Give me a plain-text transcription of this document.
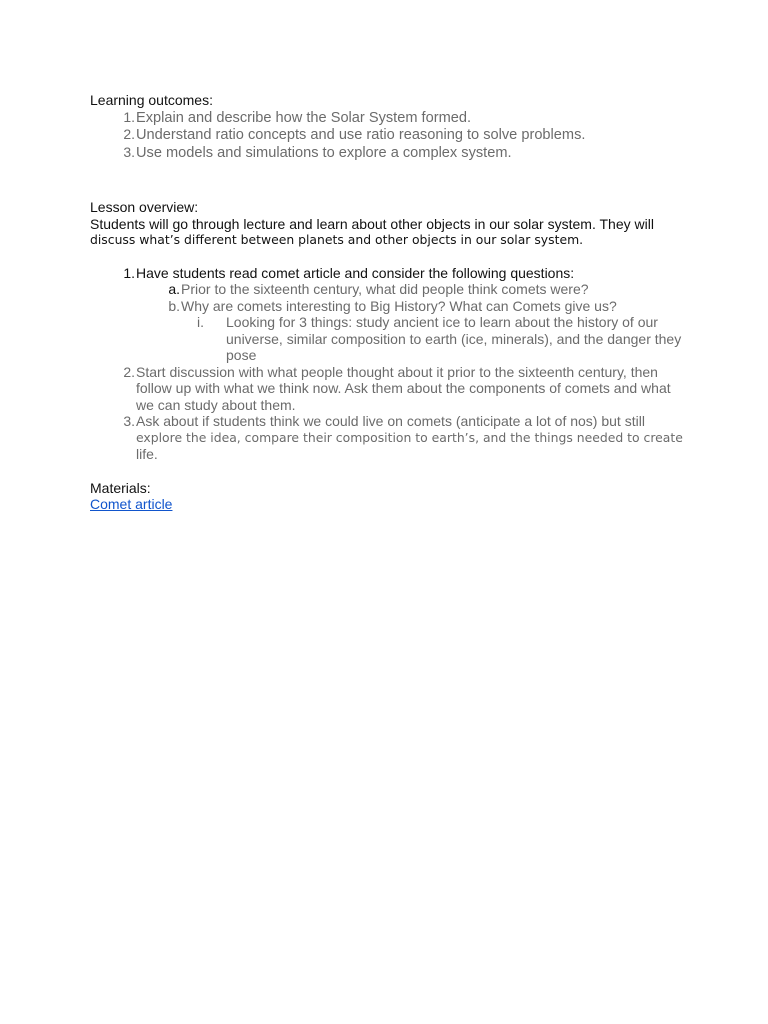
Learning outcomes:
1. Explain and describe how the Solar System formed.
2. Understand ratio concepts and use ratio reasoning to solve problems.
3. Use models and simulations to explore a complex system.
Lesson overview:
Students will go through lecture and learn about other objects in our solar system. They will
discuss what’s different between planets and other objects in our solar system.
1. Have students read comet article and consider the following questions:
a. Prior to the sixteenth century, what did people think comets were?
b. Why are comets interesting to Big History? What can Comets give us?
i. Looking for 3 things: study ancient ice to learn about the history of our
universe, similar composition to earth (ice, minerals), and the danger they
pose
2. Start discussion with what people thought about it prior to the sixteenth century, then
follow up with what we think now. Ask them about the components of comets and what
we can study about them.
3. Ask about if students think we could live on comets (anticipate a lot of nos) but still
explore the idea, compare their composition to earth’s, and the things needed to create
life.
Materials:
Comet article
